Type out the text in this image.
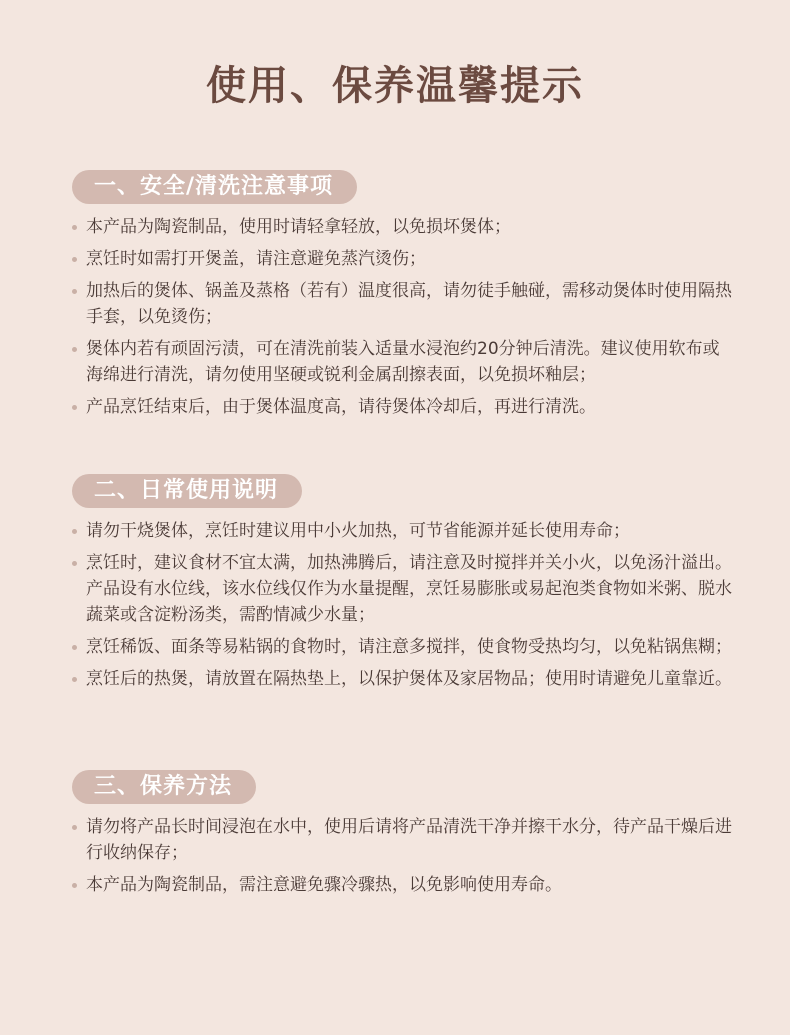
使用、保养温馨提示
一、安全/清洗注意事项
本产品为陶瓷制品，使用时请轻拿轻放，以免损坏煲体；
烹饪时如需打开煲盖，请注意避免蒸汽烫伤；
加热后的煲体、锅盖及蒸格（若有）温度很高，请勿徒手触碰，需移动煲体时使用隔热手套，以免烫伤；
煲体内若有顽固污渍，可在清洗前装入适量水浸泡约20分钟后清洗。建议使用软布或海绵进行清洗，请勿使用坚硬或锐利金属刮擦表面，以免损坏釉层；
产品烹饪结束后，由于煲体温度高，请待煲体冷却后，再进行清洗。
二、日常使用说明
请勿干烧煲体，烹饪时建议用中小火加热，可节省能源并延长使用寿命；
烹饪时，建议食材不宜太满，加热沸腾后，请注意及时搅拌并关小火，以免汤汁溢出。产品设有水位线，该水位线仅作为水量提醒，烹饪易膨胀或易起泡类食物如米粥、脱水蔬菜或含淀粉汤类，需酌情减少水量；
烹饪稀饭、面条等易粘锅的食物时，请注意多搅拌，使食物受热均匀，以免粘锅焦糊；
烹饪后的热煲，请放置在隔热垫上，以保护煲体及家居物品；使用时请避免儿童靠近。
三、保养方法
请勿将产品长时间浸泡在水中，使用后请将产品清洗干净并擦干水分，待产品干燥后进行收纳保存；
本产品为陶瓷制品，需注意避免骤冷骤热，以免影响使用寿命。
